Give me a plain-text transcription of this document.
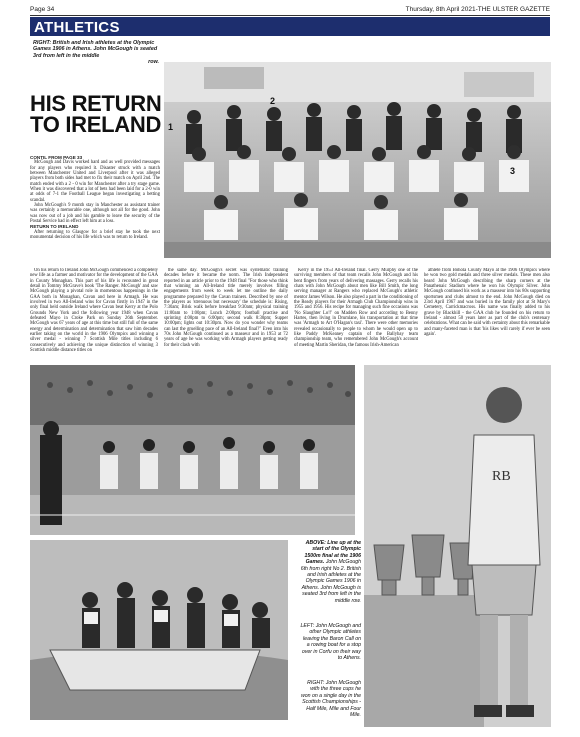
Page 34	Thursday, 8th April 2021-THE ULSTER GAZETTE
ATHLETICS
RIGHT: British and Irish athletes at the Olympic Games 1906 in Athens. John McGough is seated 3rd from left in the middle
row.
HIS RETURN TO IRELAND

CONTIL FROM PAGE 33

McGough and Davis worked hard and as well provided messages for any players who required it. Disaster struck with a match between Manchester United and Liverpool after it was alleged players from both sides had met to fix their match on April 2nd. The match ended with a 2 - 0 win for Manchester after a try stage game. When it was discovered that a lot of bets had been laid for a 2-0 win at odds of 7-1 the Football League began investigating a betting scandal.

John McGough's 9 month stay in Manchester as assistant trainer was certainly a memorable one, although not all for the good. John was now out of a job and his gamble to leave the security of the Postal Service had in effect left him at a loss.

RETURN TO IRELAND

After returning to Glasgow for a brief stay he took the next monumental decision of his life which was to return to Ireland.

1
2
3

On his return to Ireland John McGough commenced a completely new life as a farmer and motivator for the development of the GAA in County Monaghan. This part of his life is recounted in great detail in Tommy McGrave's book 'The Ranger. McGough' and saw McGough playing a pivotal role in momentous happenings in the GAA both in Monaghan, Cavan and here in Armagh. He was involved in two All-Ireland wins for Cavan firstly in 1947 in the only final held outside Ireland where Cavan beat Kerry at the Polo Grounds New York and the following year 1948 when Cavan defeated Mayo in Croke Park on Sunday 26th September. McGough was 67 years of age at this time but still full of the same energy and determination and determination that saw him decades earlier taking on the world in the 1906 Olympics and winning a silver medal - winning 7 Scottish Mile titles including 6 consecutively and achieving the unique distinction of winning 3 Scottish middle distance titles on

the same day. McGough's secret was systematic training decades before it became the norm. The Irish Independent reported in an article prior to the 1948 final "For those who think that winning an All-Ireland title merely involves filling engagements from week to week let me outline the daily programme prepared by the Cavan trainers. Described by one of the players as 'strenuous but necessary' the schedule is: Rising, 7:30am; Brisk walk before breakfast 9:30am; physical training 11:00am to 1:00pm; Lunch 2:00pm; football practise and sprinting 4:00pm to 6:00pm; second walk 8:30pm; Supper 10:00pm; lights out 10:30pm. Now do you wonder why teams can last the gruelling pace of an All-Ireland final?" Even into his 70s John McGough continued as a masseur and in 1953 at 72 years of age he was working with Armagh players getting ready for their clash with

Kerry in the 1953 All-Ireland final. Gerry Murphy one of the surviving members of that team recalls John McGough and his bent fingers from years of delivering massages. Gerry recalls his chats with John McGough about men like Bill Smith, the long serving manager at Rangers who replaced McGough's athletic mentor James Wilson. He also played a part in the conditioning of the Ready players for their Armagh Club Championship wins in 1955 and 1956. His recipe for managing such fine occasions was 'No Slaughter Lo!!' on Madden Row and according to Benny Hartes, then living in Drumlane, his transportation at that time was 'Armagh to Art O'Hagan's taxi'. There were other memories revealed occasionally to people to whom he would open up to like Paddy McKeaney captain of the Ballybay team championship team, who remembered John McGough's account of meeting Martin Sheridan, the famous Irish-American

athlete from Bohola County Mayo at the 1906 Olympics where he won two gold medals and three silver medals. These men also heard John McGough describing the sharp corners at the Panathenaic Stadium where he won his Olympic Silver. John McGough continued his work as a masseur into his 80s supporting sportsmen and clubs almost to the end. John McGough died on 23rd April 1967 and was buried in the family plot at St Mary's Cemetery, Carrickmacross. His name was finally added to his grave by Blackhill - the GAA club he founded on his return to Ireland - almost 50 years later as part of the club's centenary celebrations. What can be said with certainty about this remarkable and many-faceted man is that 'his likes will rarely if ever be seen again'.

ABOVE: Line up at the start of the Olympic 1500m final at the 1906 Games. John McGough 6th from right No 2. British and Irish athletes at the Olympic Games 1906 in Athens. John McGough is seated 3rd from left in the middle row.
LEFT: John McGough and other Olympic athletes leaving the Baron Call on a rowing boat for a stop over in Corfu on their way to Athens.
RIGHT: John McGough with the three cups he won on a single day in the Scottish Championships - Half Mile, Mile and Four Mile.
RB
